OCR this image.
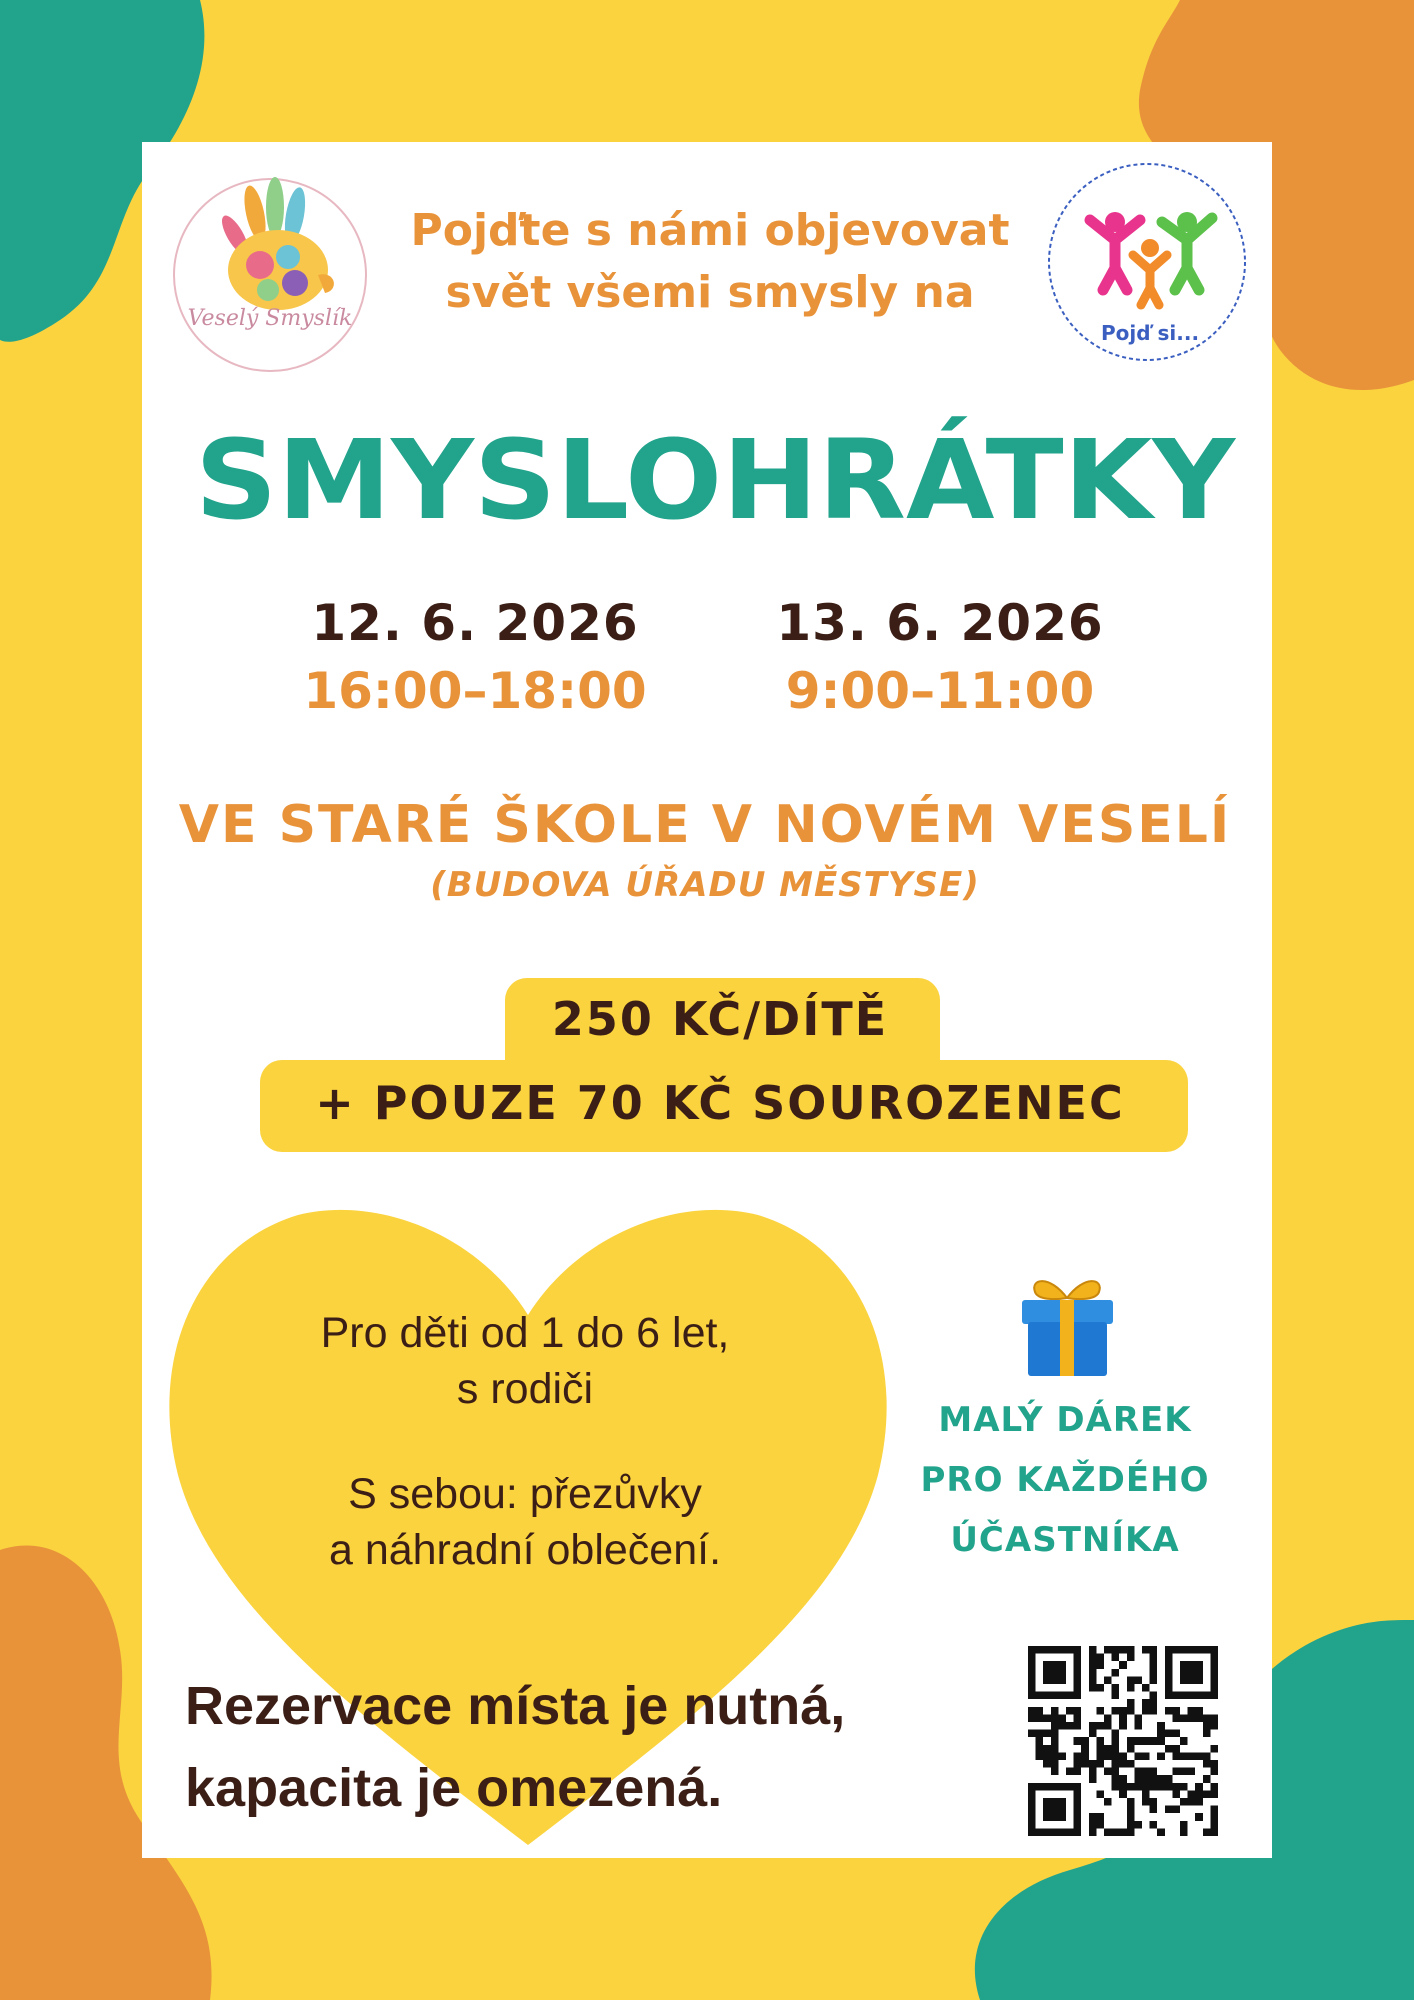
Veselý Smyslík
Pojď si...
Pojďte s námi objevovat
svět všemi smysly na
SMYSLOHRÁTKY
12. 6. 2026
16:00–18:00
13. 6. 2026
9:00–11:00
VE STARÉ ŠKOLE V NOVÉM VESELÍ
(BUDOVA ÚŘADU MĚSTYSE)
250 KČ/DÍTĚ
+ POUZE 70 KČ SOUROZENEC
Pro děti od 1 do 6 let,
s rodiči
S sebou: přezůvky
a náhradní oblečení.
MALÝ DÁREK
PRO KAŽDÉHO
ÚČASTNÍKA
Rezervace místa je nutná,
kapacita je omezená.
